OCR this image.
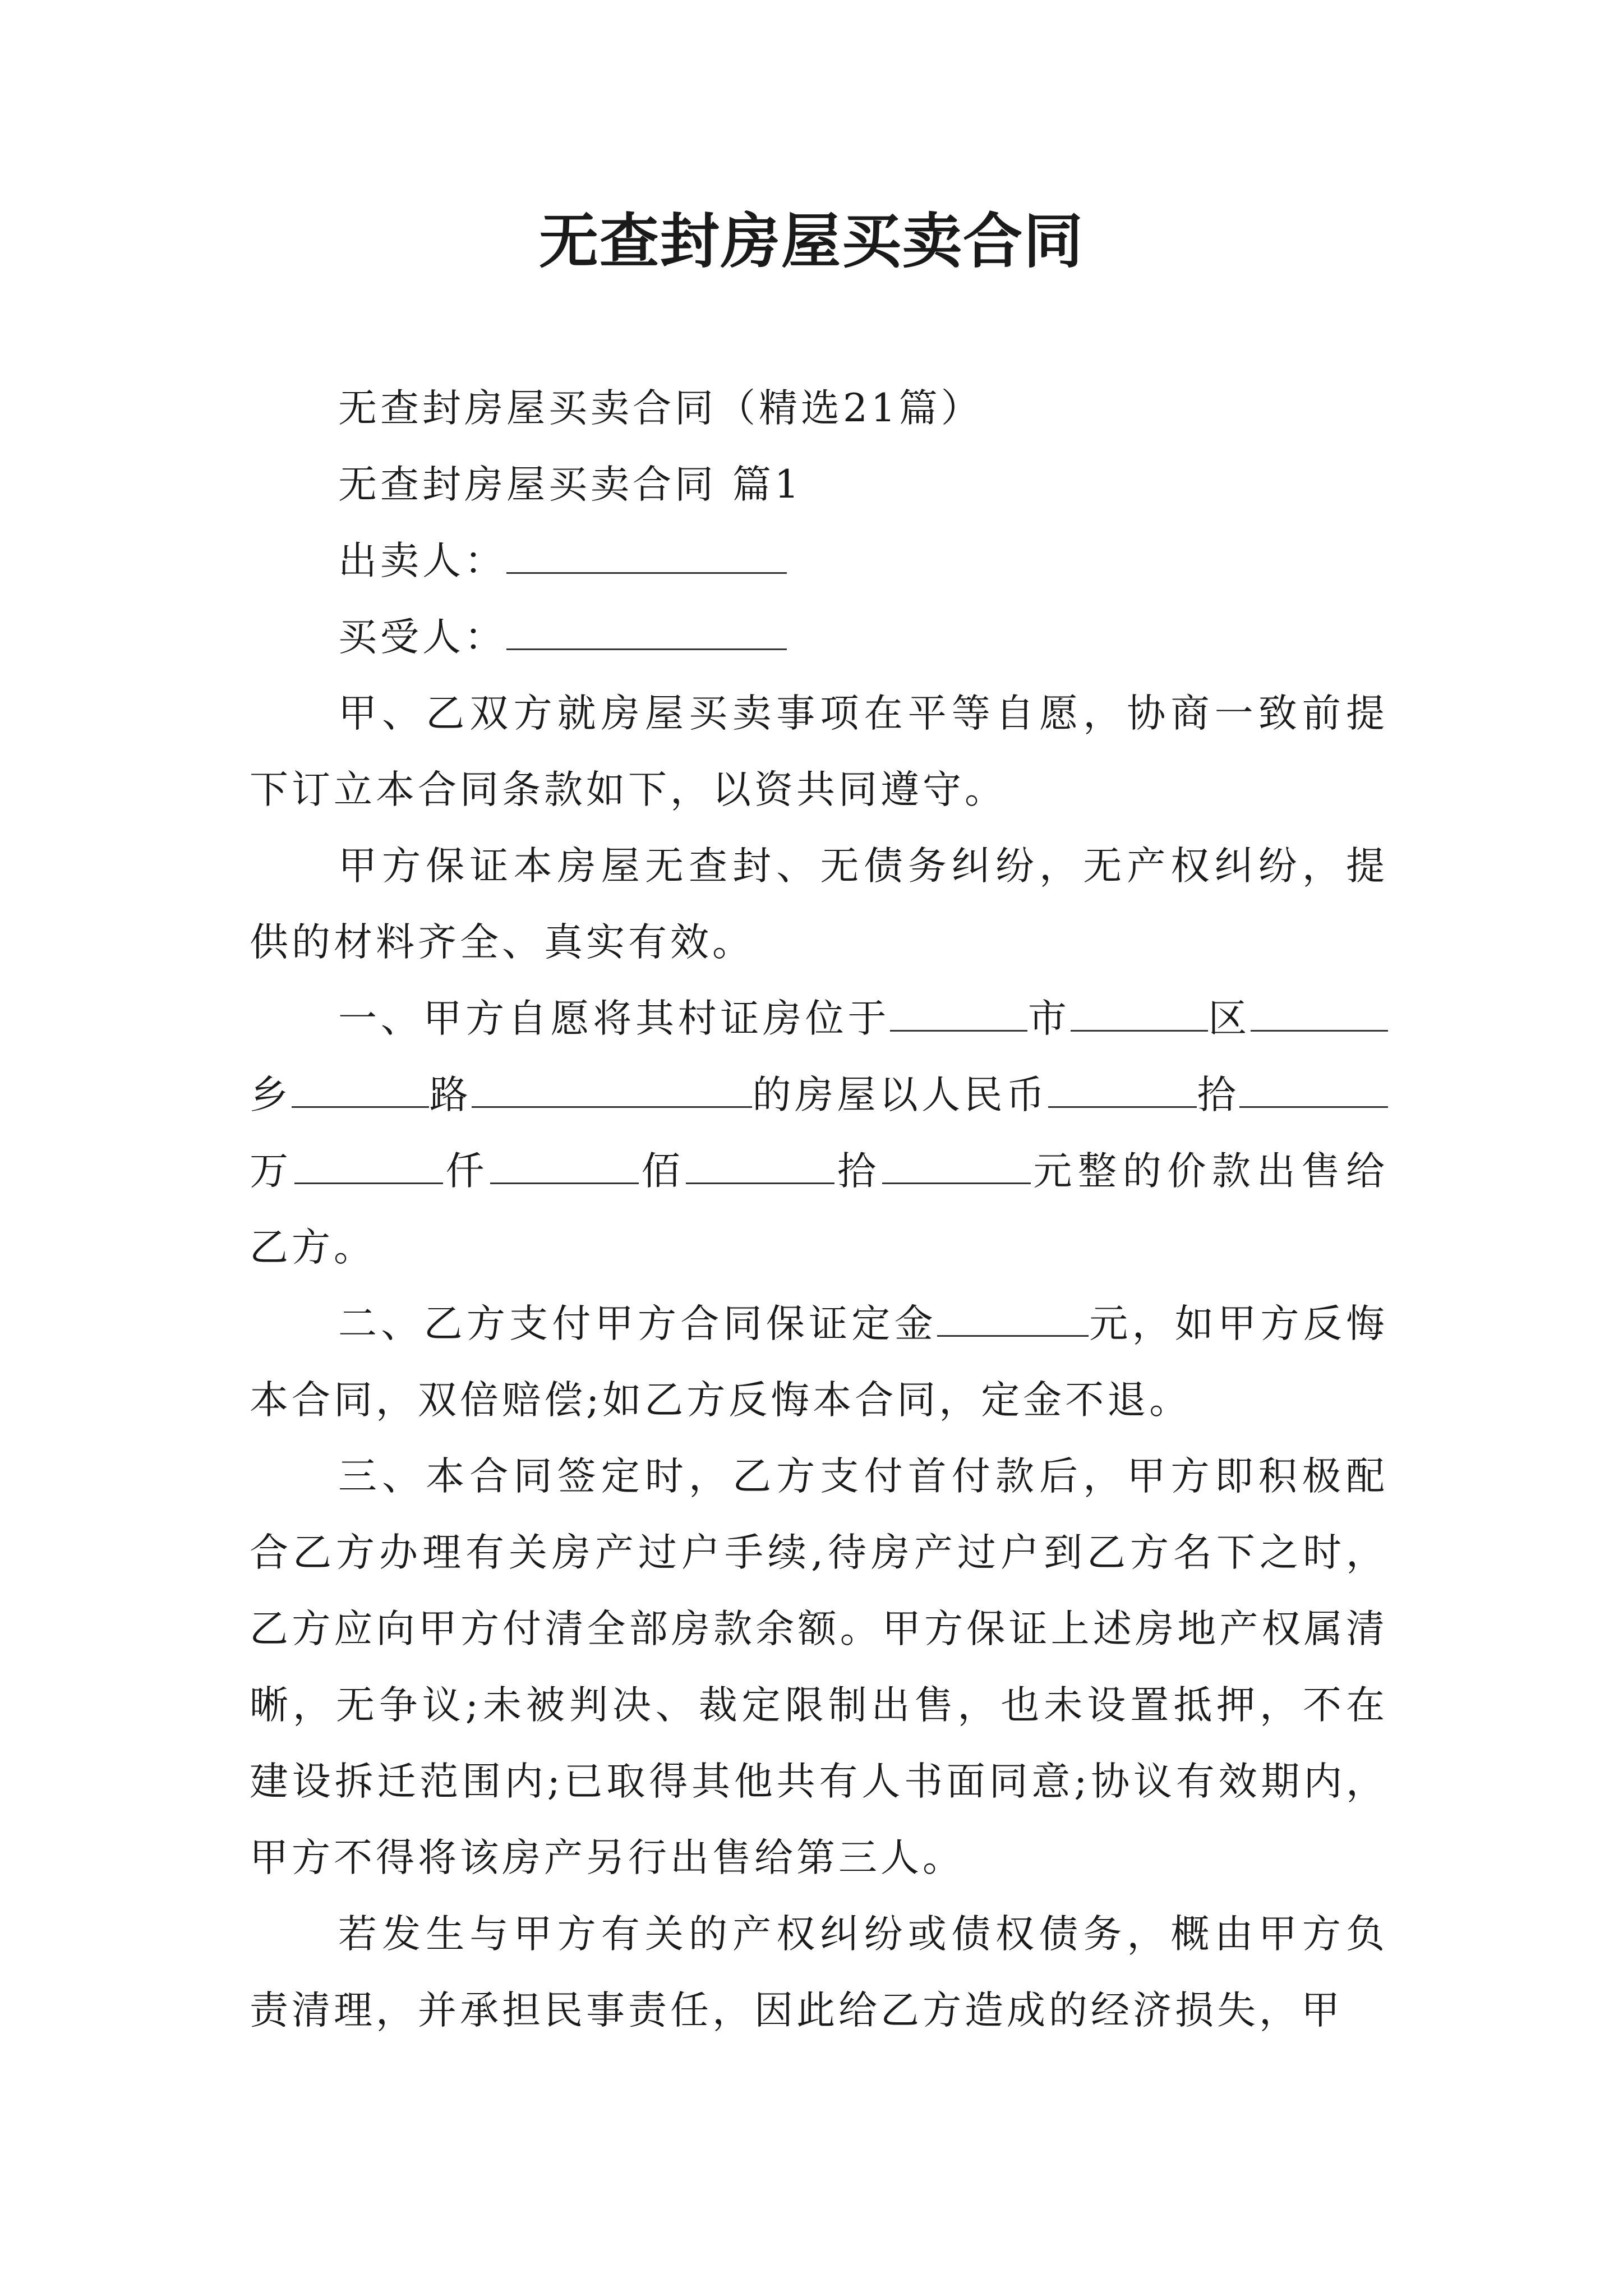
无查封房屋买卖合同

无查封房屋买卖合同（精选21篇）

无查封房屋买卖合同 篇1

出卖人：

买受人：

甲、乙双方就房屋买卖事项在平等自愿，协商一致前提下订立本合同条款如下，以资共同遵守。

甲方保证本房屋无查封、无债务纠纷，无产权纠纷，提供的材料齐全、真实有效。

一、甲方自愿将其村证房位于	市	区乡	路	的房屋以人民币	拾万	仟	佰	拾	元整的价款出售给乙方。

二、乙方支付甲方合同保证定金	元，如甲方反悔本合同，双倍赔偿;如乙方反悔本合同，定金不退。

三、本合同签定时，乙方支付首付款后，甲方即积极配合乙方办理有关房产过户手续,待房产过户到乙方名下之时，乙方应向甲方付清全部房款余额。甲方保证上述房地产权属清晰，无争议;未被判决、裁定限制出售，也未设置抵押，不在建设拆迁范围内;已取得其他共有人书面同意;协议有效期内，甲方不得将该房产另行出售给第三人。

若发生与甲方有关的产权纠纷或债权债务，概由甲方负责清理，并承担民事责任，因此给乙方造成的经济损失，甲
